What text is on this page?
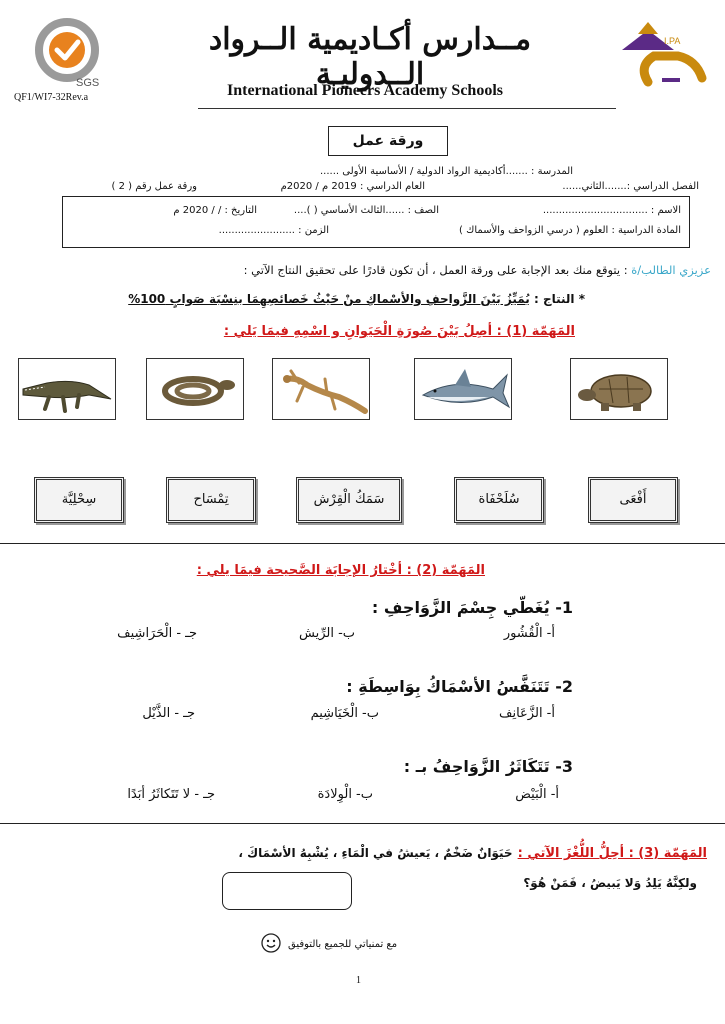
SGS
QF1/WI7-32Rev.a
مــدارس أكـاديمية الــرواد الــدوليـة
International Pioneers Academy Schools
I.PA
ورقة عمل
المدرسة : .......أكاديمية الرواد الدولية / الأساسية الأولى ......
الفصل الدراسي :.......الثاني......
العام الدراسي : 2019 م / 2020م
ورقة عمل رقم ( 2 )
الاسم : .................................
الصف : ......الثالث الأساسي ( )....
التاريخ : / / 2020 م
المادة الدراسية : العلوم ( درسي الزواحف والأسماك )
الزمن : ........................
عزيزي الطالب/ة : يتوقع منك بعد الإجابة على ورقة العمل ، أن تكون قادرًا على تحقيق النتاج الآتي :
* النتاج : يُمَيِّزُ بَيْنَ الزَّواحفِ والأسْماكِ منْ حَيْثُ خَصائصِهِمَا بنِسْبَة صَوابٍ 100%
المَهَمّة (1) : أصِلُ بَيْنَ صُورَةِ الْحَيَوانِ و اسْمِهِ فيمَا يَلي :
أَفْعَى
سُلَحْفَاة
سَمَكُ الْقِرْش
تِمْسَاح
سِحْلِيَّة
المَهَمّة (2) : أخْتارُ الإجابَة الصَّحيحة فيمَا يلي :
1- يُغَطّي جِسْمَ الزَّوَاحِفِ :
أ- الْقُشُور
ب- الرِّيش
جـ - الْحَرَاشِيف
2- تَتَنَفَّسُ الأسْمَاكُ بِوَاسِطَةِ :
أ- الزَّعَانِف
ب- الْخَيَاشِيم
جـ - الذَّيْل
3- تَتَكَاثَرُ الزَّوَاحِفُ بـ :
أ- الْبَيْض
ب- الْوِلادَة
جـ - لا تَتَكاثَرُ أبَدًا
المَهَمّة (3) : أحِلُّ اللُّغْزَ الآتي : حَيَوَانٌ ضَخْمٌ ، يَعيشُ في الْمَاءِ ، يُشْبِهُ الأسْمَاكَ ،
ولكِنَّهُ يَلِدُ وَلا يَبيضُ ، فَمَنْ هُوَ؟
مع تمنياتي للجميع بالتوفيق
1
